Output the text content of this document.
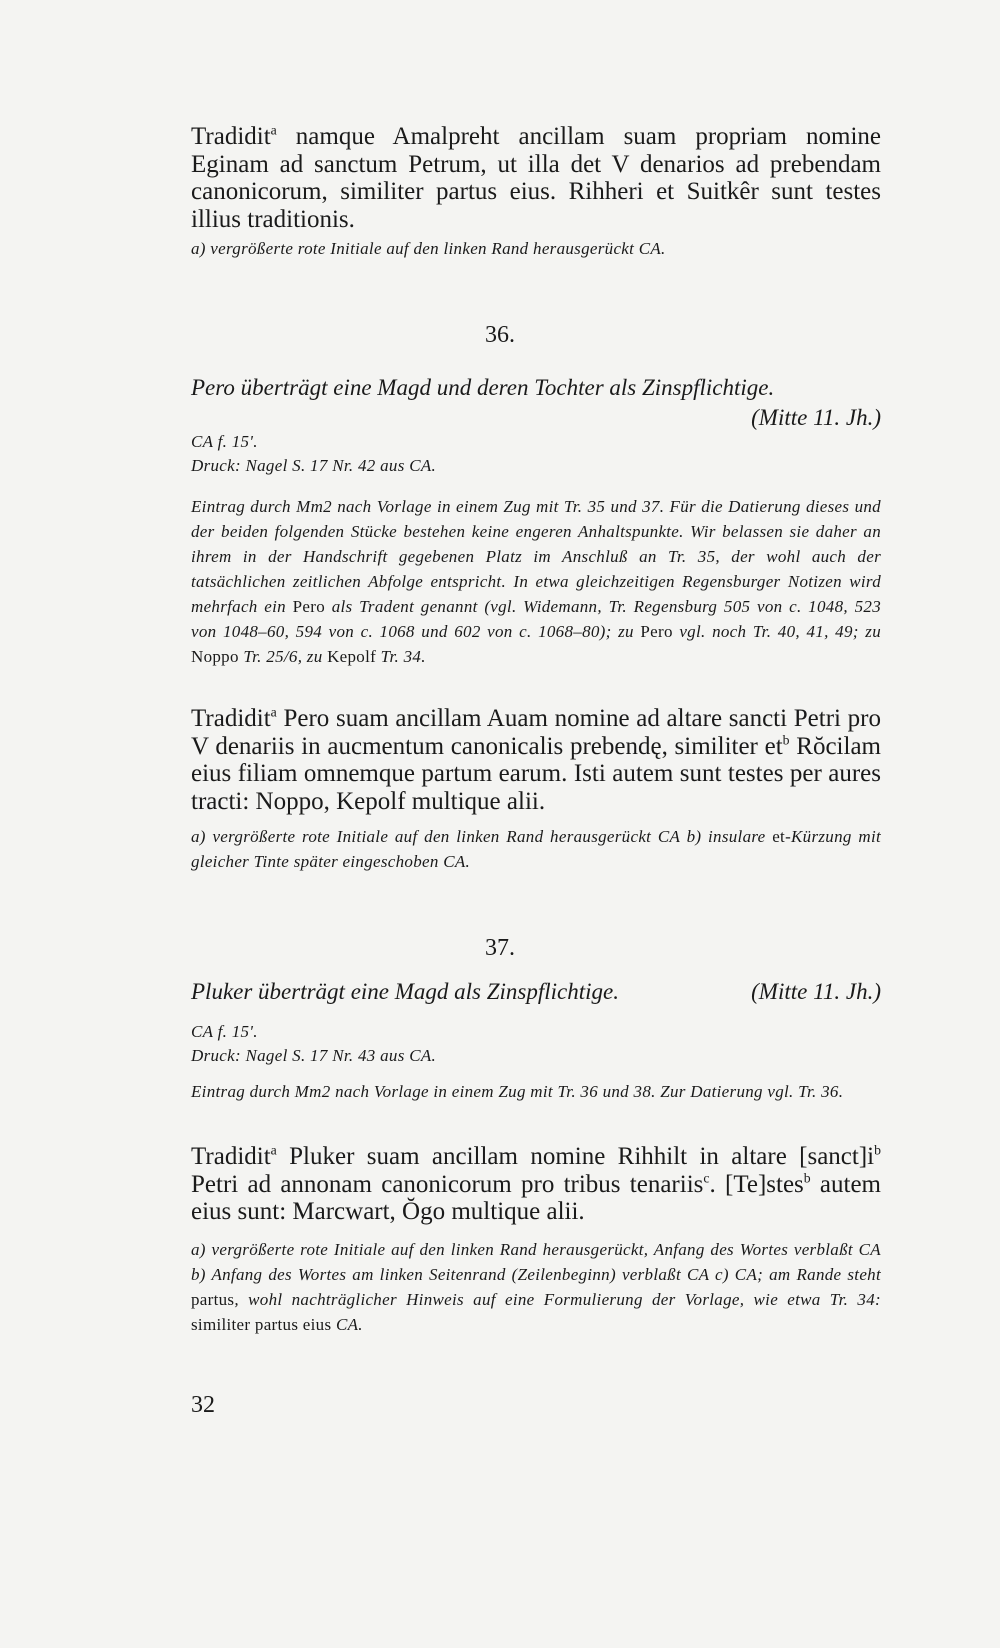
Tradidit$^a$ namque Amalpreht ancillam suam propriam nomine Eginam ad sanctum Petrum, ut illa det V denarios ad prebendam canonicorum, similiter partus eius. Rihheri et Suitkêr sunt testes illius traditionis.

a) vergrößerte rote Initiale auf den linken Rand herausgerückt CA.

36.
Pero überträgt eine Magd und deren Tochter als Zinspflichtige.
(Mitte 11. Jh.)
CA f. 15'.
Druck: Nagel S. 17 Nr. 42 aus CA.

Eintrag durch Mm2 nach Vorlage in einem Zug mit Tr. 35 und 37. Für die Datierung dieses und der beiden folgenden Stücke bestehen keine engeren Anhaltspunkte. Wir belassen sie daher an ihrem in der Handschrift gegebenen Platz im Anschluß an Tr. 35, der wohl auch der tatsächlichen zeitlichen Abfolge entspricht. In etwa gleichzeitigen Regensburger Notizen wird mehrfach ein Pero als Tradent genannt (vgl. Widemann, Tr. Regensburg 505 von c. 1048, 523 von 1048–60, 594 von c. 1068 und 602 von c. 1068–80); zu Pero vgl. noch Tr. 40, 41, 49; zu Noppo Tr. 25/6, zu Kepolf Tr. 34.

Tradidit$^a$ Pero suam ancillam Auam nomine ad altare sancti Petri pro V denariis in aucmentum canonicalis prebendę, similiter $et^b$ Rŏcilam eius filiam omnemque partum earum. Isti autem sunt testes per aures tracti: Noppo, Kepolf multique alii.

a) vergrößerte rote Initiale auf den linken Rand herausgerückt CA b) insulare et-Kürzung mit gleicher Tinte später eingeschoben CA.

37.
Pluker überträgt eine Magd als Zinspflichtige.	(Mitte 11. Jh.)
CA f. 15'.
Druck: Nagel S. 17 Nr. 43 aus CA.

Eintrag durch Mm2 nach Vorlage in einem Zug mit Tr. 36 und 38. Zur Datierung vgl. Tr. 36.

Tradidit$^a$ Pluker suam ancillam nomine Rihhilt in altare $[sanct]i^b$ Petri ad annonam canonicorum pro tribus tenariis$^c$. [Te]stes$^b$ autem eius sunt: Marcwart, Ŏgo multique alii.

a) vergrößerte rote Initiale auf den linken Rand herausgerückt, Anfang des Wortes verblaßt CA b) Anfang des Wortes am linken Seitenrand (Zeilenbeginn) verblaßt CA c) CA; am Rande steht partus, wohl nachträglicher Hinweis auf eine Formulierung der Vorlage, wie etwa Tr. 34: similiter partus eius CA.

32
